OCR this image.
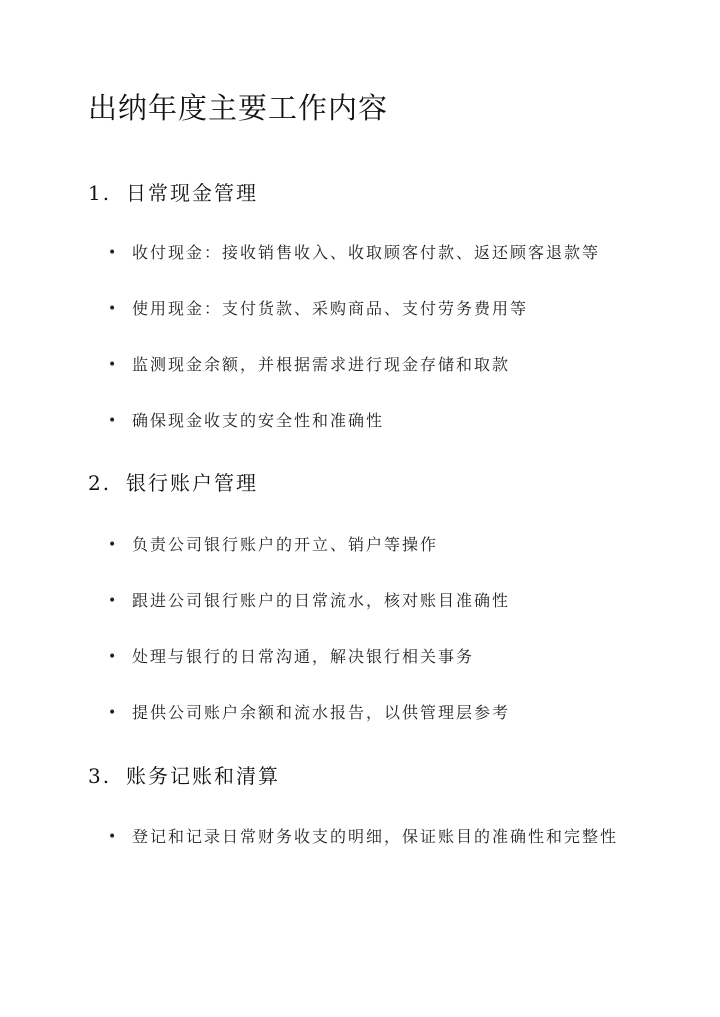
出纳年度主要工作内容
1. 日常现金管理
• 收付现金：接收销售收入、收取顾客付款、返还顾客退款等
• 使用现金：支付货款、采购商品、支付劳务费用等
• 监测现金余额，并根据需求进行现金存储和取款
• 确保现金收支的安全性和准确性
2. 银行账户管理
• 负责公司银行账户的开立、销户等操作
• 跟进公司银行账户的日常流水，核对账目准确性
• 处理与银行的日常沟通，解决银行相关事务
• 提供公司账户余额和流水报告，以供管理层参考
3. 账务记账和清算
• 登记和记录日常财务收支的明细，保证账目的准确性和完整性
